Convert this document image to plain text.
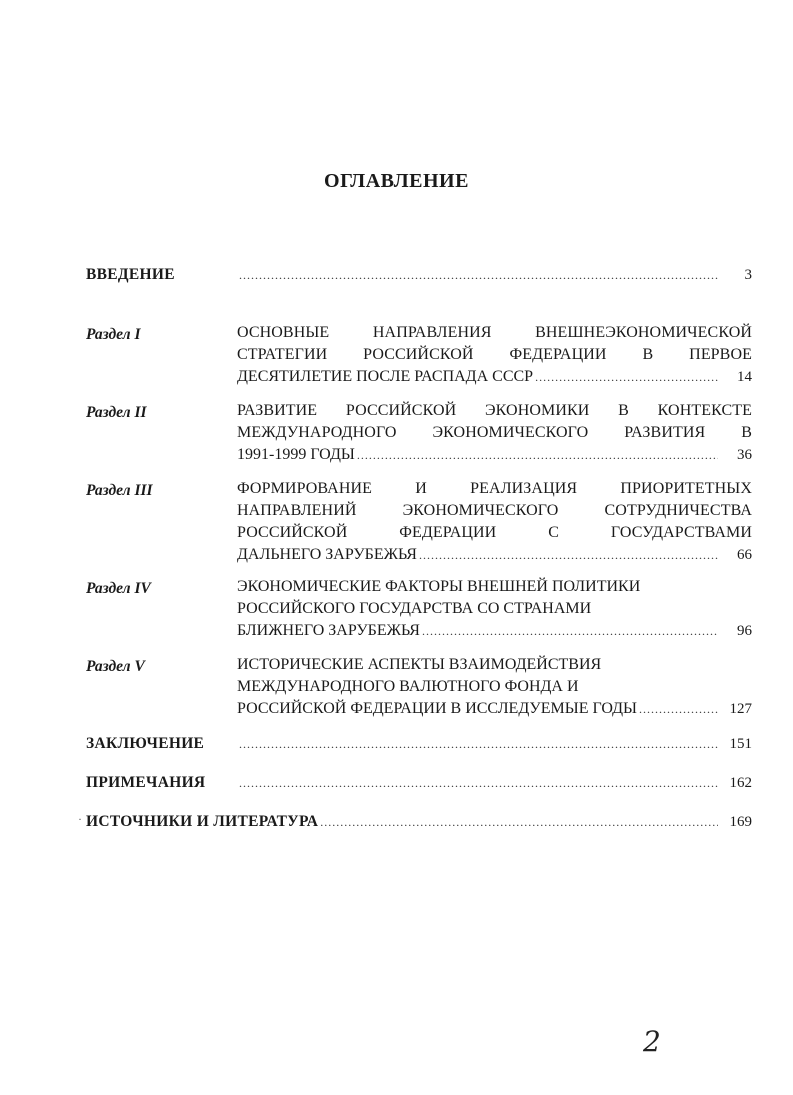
ОГЛАВЛЕНИЕ
ВВЕДЕНИЕ .....	3
Раздел I	ОСНОВНЫЕ НАПРАВЛЕНИЯ ВНЕШНЕЭКОНОМИЧЕСКОЙ
СТРАТЕГИИ РОССИЙСКОЙ ФЕДЕРАЦИИ В ПЕРВОЕ
ДЕСЯТИЛЕТИЕ ПОСЛЕ РАСПАДА СССР .....	14
Раздел II	РАЗВИТИЕ РОССИЙСКОЙ ЭКОНОМИКИ В КОНТЕКСТЕ
МЕЖДУНАРОДНОГО ЭКОНОМИЧЕСКОГО РАЗВИТИЯ В
1991-1999 ГОДЫ .....	36
Раздел III	ФОРМИРОВАНИЕ И РЕАЛИЗАЦИЯ ПРИОРИТЕТНЫХ
НАПРАВЛЕНИЙ ЭКОНОМИЧЕСКОГО СОТРУДНИЧЕСТВА
РОССИЙСКОЙ ФЕДЕРАЦИИ С ГОСУДАРСТВАМИ
ДАЛЬНЕГО ЗАРУБЕЖЬЯ .....	66
Раздел IV	ЭКОНОМИЧЕСКИЕ ФАКТОРЫ ВНЕШНЕЙ ПОЛИТИКИ
РОССИЙСКОГО ГОСУДАРСТВА СО СТРАНАМИ
БЛИЖНЕГО ЗАРУБЕЖЬЯ .....	96
Раздел V	ИСТОРИЧЕСКИЕ АСПЕКТЫ ВЗАИМОДЕЙСТВИЯ
МЕЖДУНАРОДНОГО ВАЛЮТНОГО ФОНДА И
РОССИЙСКОЙ ФЕДЕРАЦИИ В ИССЛЕДУЕМЫЕ ГОДЫ .....	127
ЗАКЛЮЧЕНИЕ .....	151
ПРИМЕЧАНИЯ .....	162
ИСТОЧНИКИ И ЛИТЕРАТУРА .....	169
·
2
